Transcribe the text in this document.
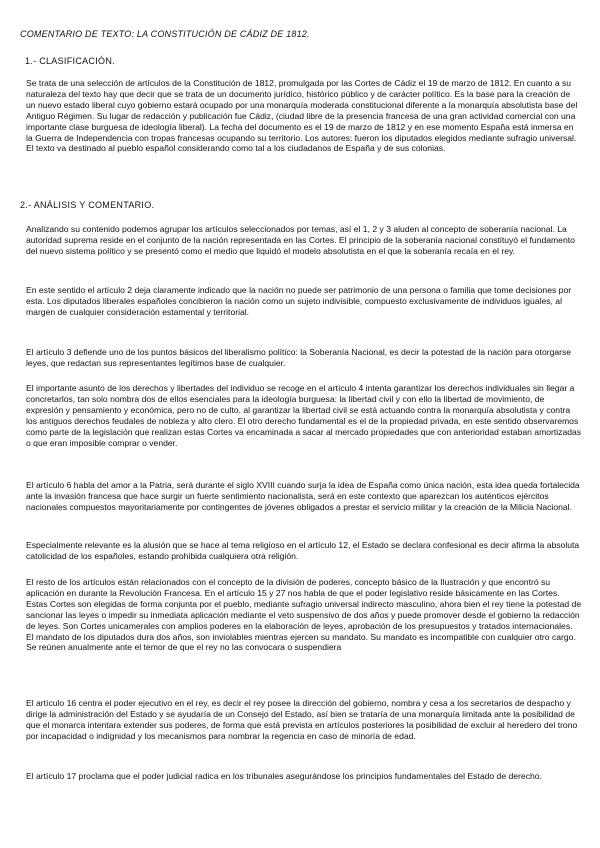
COMENTARIO DE TEXTO: LA CONSTITUCIÓN DE CÁDIZ DE 1812.
1.- CLASIFICACIÓN.
Se trata de una selección de artículos de la Constitución de 1812, promulgada por las Cortes de Cádiz el 19 de marzo de 1812. En cuanto a su naturaleza del texto hay que decir que se trata de un documento jurídico, histórico público y de carácter político. Es la base para la creación de un nuevo estado liberal cuyo gobierno estará ocupado por una monarquía moderada constitucional diferente a la monarquía absolutista base del Antiguo Régimen. Su lugar de redacción y publicación fue Cádiz, (ciudad libre de la presencia francesa de una gran actividad comercial con una importante clase burguesa de ideología liberal). La fecha del documento es el 19 de marzo de 1812 y en ese momento España está inmersa en la Guerra de Independencia con tropas francesas ocupando su territorio. Los autores: fueron los diputados elegidos mediante sufragio universal. El texto va destinado al pueblo español considerando como tal a los ciudadanos de España y de sus colonias.
2.- ANÁLISIS Y COMENTARIO.
Analizando su contenido podemos agrupar los artículos seleccionados por temas, así el 1, 2 y 3 aluden al concepto de soberanía nacional. La autoridad suprema reside en el conjunto de la nación representada en las Cortes. El principio de la soberanía nacional constituyó el fundamento del nuevo sistema político y se presentó como el medio que liquidó el modelo absolutista en el que la soberanía recaía en el rey.
En este sentido el artículo 2 deja claramente indicado que la nación no puede ser patrimonio de una persona o familia que tome decisiones por esta. Los diputados liberales españoles concibieron la nación como un sujeto indivisible, compuesto exclusivamente de individuos iguales, al margen de cualquier consideración estamental y territorial.
El artículo 3 defiende uno de los puntos básicos del liberalismo político: la Soberanía Nacional, es decir la potestad de la nación para otorgarse leyes, que redactan sus representantes legítimos base de cualquier.
El importante asunto de los derechos y libertades del individuo se recoge en el artículo 4 intenta garantizar los derechos individuales sin llegar a concretarlos, tan solo nombra dos de ellos esenciales para la ideología burguesa: la libertad civil y con ello la libertad de movimiento, de expresión y pensamiento y económica, pero no de culto, al garantizar la libertad civil se está actuando contra la monarquía absolutista y contra los antiguos derechos feudales de nobleza y alto clero. El otro derecho fundamental es el de la propiedad privada, en este sentido observaremos como parte de la legislación que realizan estas Cortes va encaminada a sacar al mercado propiedades que con anterioridad estaban amortizadas o que eran imposible comprar o vender.
El artículo 6 habla del amor a la Patria, será durante el siglo XVIII cuando surja la idea de España como única nación, esta idea queda fortalecida ante la invasión francesa que hace surgir un fuerte sentimiento nacionalista, será en este contexto que aparezcan los auténticos ejércitos nacionales compuestos mayoritariamente por contingentes de jóvenes obligados a prestar el servicio militar y la creación de la Milicia Nacional.
Especialmente relevante es la alusión que se hace al tema religioso en el artículo 12, el Estado se declara confesional es decir afirma la absoluta catolicidad de los españoles, estando prohibida cualquiera otra religión.
El resto de los artículos están relacionados con el concepto de la división de poderes, concepto básico de la Ilustración y que encontró su aplicación en durante la Revolución Francesa. En el artículo 15 y 27 nos habla de que el poder legislativo reside básicamente en las Cortes. Estas Cortes son elegidas de forma conjunta por el pueblo, mediante sufragio universal indirecto masculino, ahora bien el rey tiene la potestad de sancionar las leyes o impedir su inmediata aplicación mediante el veto suspensivo de dos años y puede promover desde el gobierno la redacción de leyes. Son Cortes unicamerales con amplios poderes en la elaboración de leyes, aprobación de los presupuestos y tratados internacionales. El mandato de los diputados dura dos años, son inviolables mientras ejercen su mandato. Su mandato es incompatible con cualquier otro cargo. Se reúnen anualmente ante el temor de que el rey no las convocara o suspendiera
El artículo 16 centra el poder ejecutivo en el rey, es decir el rey posee la dirección del gobierno, nombra y cesa a los secretarios de despacho y dirige la administración del Estado y se ayudaría de un Consejo del Estado, así bien se trataría de una monarquía limitada ante la posibilidad de que el monarca intentara extender sus poderes, de forma que está prevista en artículos posteriores la posibilidad de excluir al heredero del trono por incapacidad o indignidad y los mecanismos para nombrar la regencia en caso de minoría de edad.
El artículo 17 proclama que el poder judicial radica en los tribunales asegurándose los principios fundamentales del Estado de derecho.
